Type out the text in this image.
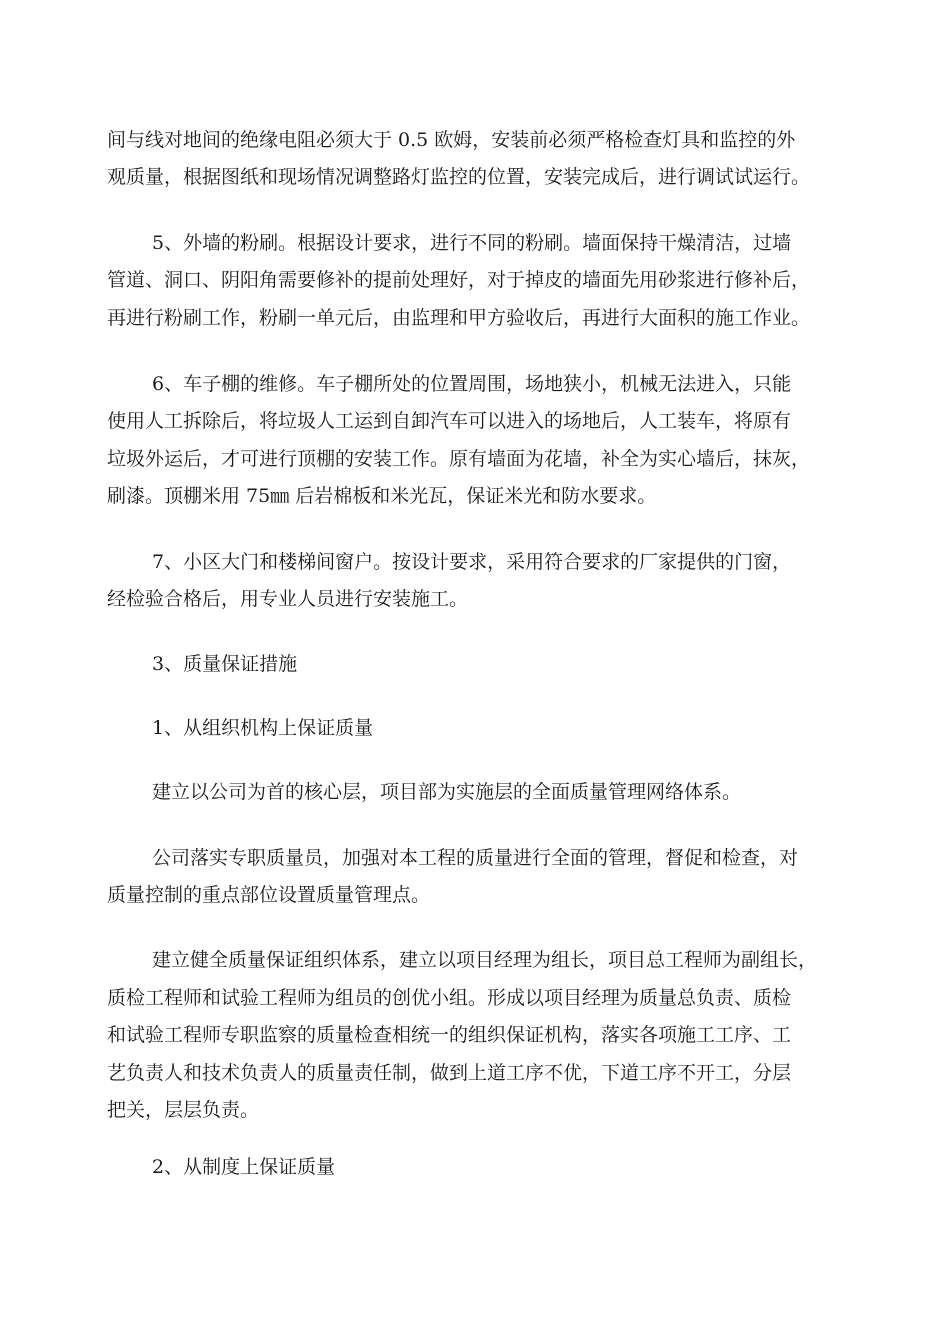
间与线对地间的绝缘电阻必须大于 0.5 欧姆，安装前必须严格检查灯具和监控的外
观质量，根据图纸和现场情况调整路灯监控的位置，安装完成后，进行调试试运行。
5、外墙的粉刷。根据设计要求，进行不同的粉刷。墙面保持干燥清洁，过墙
管道、洞口、阴阳角需要修补的提前处理好，对于掉皮的墙面先用砂浆进行修补后，
再进行粉刷工作，粉刷一单元后，由监理和甲方验收后，再进行大面积的施工作业。
6、车子棚的维修。车子棚所处的位置周围，场地狭小，机械无法进入，只能
使用人工拆除后，将垃圾人工运到自卸汽车可以进入的场地后，人工装车，将原有
垃圾外运后，才可进行顶棚的安装工作。原有墙面为花墙，补全为实心墙后，抹灰，
刷漆。顶棚米用 75㎜ 后岩棉板和米光瓦，保证米光和防水要求。
7、小区大门和楼梯间窗户。按设计要求，采用符合要求的厂家提供的门窗，
经检验合格后，用专业人员进行安装施工。
3、质量保证措施
1、从组织机构上保证质量
建立以公司为首的核心层，项目部为实施层的全面质量管理网络体系。
公司落实专职质量员，加强对本工程的质量进行全面的管理，督促和检查，对
质量控制的重点部位设置质量管理点。
建立健全质量保证组织体系，建立以项目经理为组长，项目总工程师为副组长，
质检工程师和试验工程师为组员的创优小组。形成以项目经理为质量总负责、质检
和试验工程师专职监察的质量检查相统一的组织保证机构，落实各项施工工序、工
艺负责人和技术负责人的质量责任制，做到上道工序不优，下道工序不开工，分层
把关，层层负责。
2、从制度上保证质量
